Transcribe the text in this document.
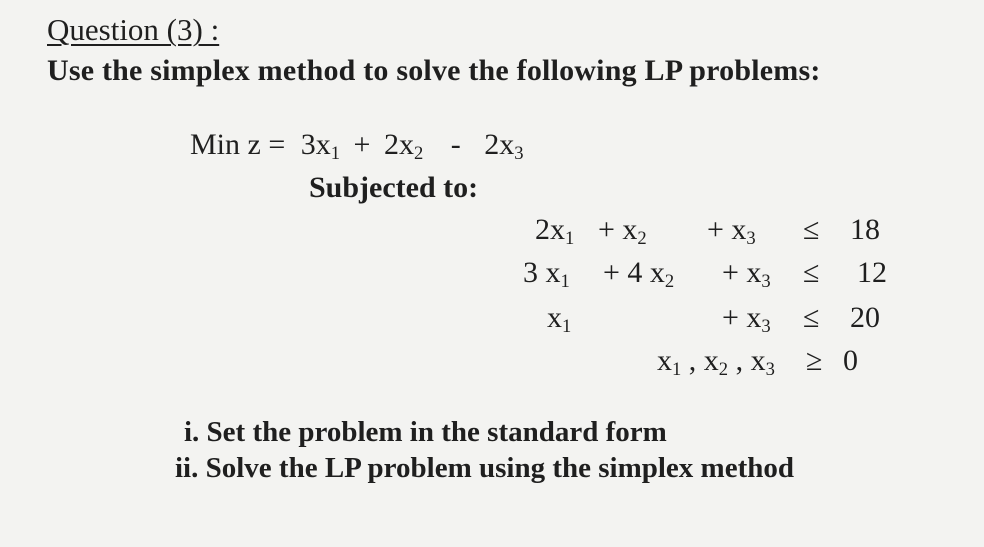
Question (3) :
Use the simplex method to solve the following LP problems:
Min $z = 3x_1 + 2x_2 - 2x_3$
Subjected to:
$2x_1 + x_2 + x_3 \le 18$
3 $x_1 + 4$ $x_2 + x_3 \le 12$
$x_1$	+ $x_3 \le 20$
$x_1$ , $x_2$ , $x_3 \ge 0$
i. Set the problem in the standard form
ii. Solve the LP problem using the simplex method
